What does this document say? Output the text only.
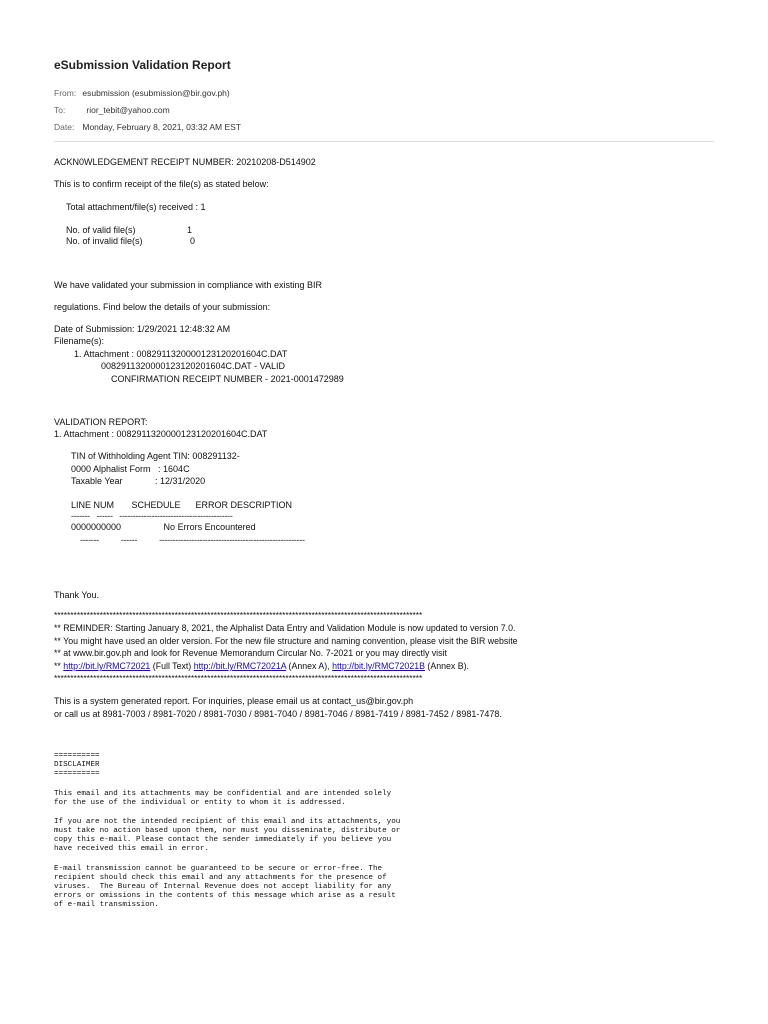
eSubmission Validation Report
From: esubmission (esubmission@bir.gov.ph)
To: rior_tebit@yahoo.com
Date: Monday, February 8, 2021, 03:32 AM EST
ACKN0WLEDGEMENT RECEIPT NUMBER: 20210208-D514902
This is to confirm receipt of the file(s) as stated below:
Total attachment/file(s) received : 1
No. of valid file(s)	1
No. of invalid file(s)	0
We have validated your submission in compliance with existing BIR
regulations. Find below the details of your submission:
Date of Submission: 1/29/2021 12:48:32 AM
Filename(s):
1. Attachment : 0082911320000123120201604C.DAT
0082911320000123120201604C.DAT - VALID
CONFIRMATION RECEIPT NUMBER - 2021-0001472989
VALIDATION REPORT:
1. Attachment : 0082911320000123120201604C.DAT
TIN of Withholding Agent TIN: 008291132-
0000 Alphalist Form   : 1604C
Taxable Year             : 12/31/2020
LINE NUM       SCHEDULE      ERROR DESCRIPTION
-------   ------   ------------------------------------------
0000000000                 No Errors Encountered
-------          ------          ------------------------------------------------------
Thank You.
*****************************************************************************************************************
** REMINDER: Starting January 8, 2021, the Alphalist Data Entry and Validation Module is now updated to version 7.0.
** You might have used an older version. For the new file structure and naming convention, please visit the BIR website
** at www.bir.gov.ph and look for Revenue Memorandum Circular No. 7-2021 or you may directly visit
** http://bit.ly/RMC72021 (Full Text) http://bit.ly/RMC72021A (Annex A), http://bit.ly/RMC72021B (Annex B).
*****************************************************************************************************************
This is a system generated report. For inquiries, please email us at contact_us@bir.gov.ph
or call us at 8981-7003 / 8981-7020 / 8981-7030 / 8981-7040 / 8981-7046 / 8981-7419 / 8981-7452 / 8981-7478.
==========
DISCLAIMER
==========
This email and its attachments may be confidential and are intended solely
for the use of the individual or entity to whom it is addressed.
If you are not the intended recipient of this email and its attachments, you
must take no action based upon them, nor must you disseminate, distribute or
copy this e-mail. Please contact the sender immediately if you believe you
have received this email in error.
E-mail transmission cannot be guaranteed to be secure or error-free. The
recipient should check this email and any attachments for the presence of
viruses.  The Bureau of Internal Revenue does not accept liability for any
errors or omissions in the contents of this message which arise as a result
of e-mail transmission.
